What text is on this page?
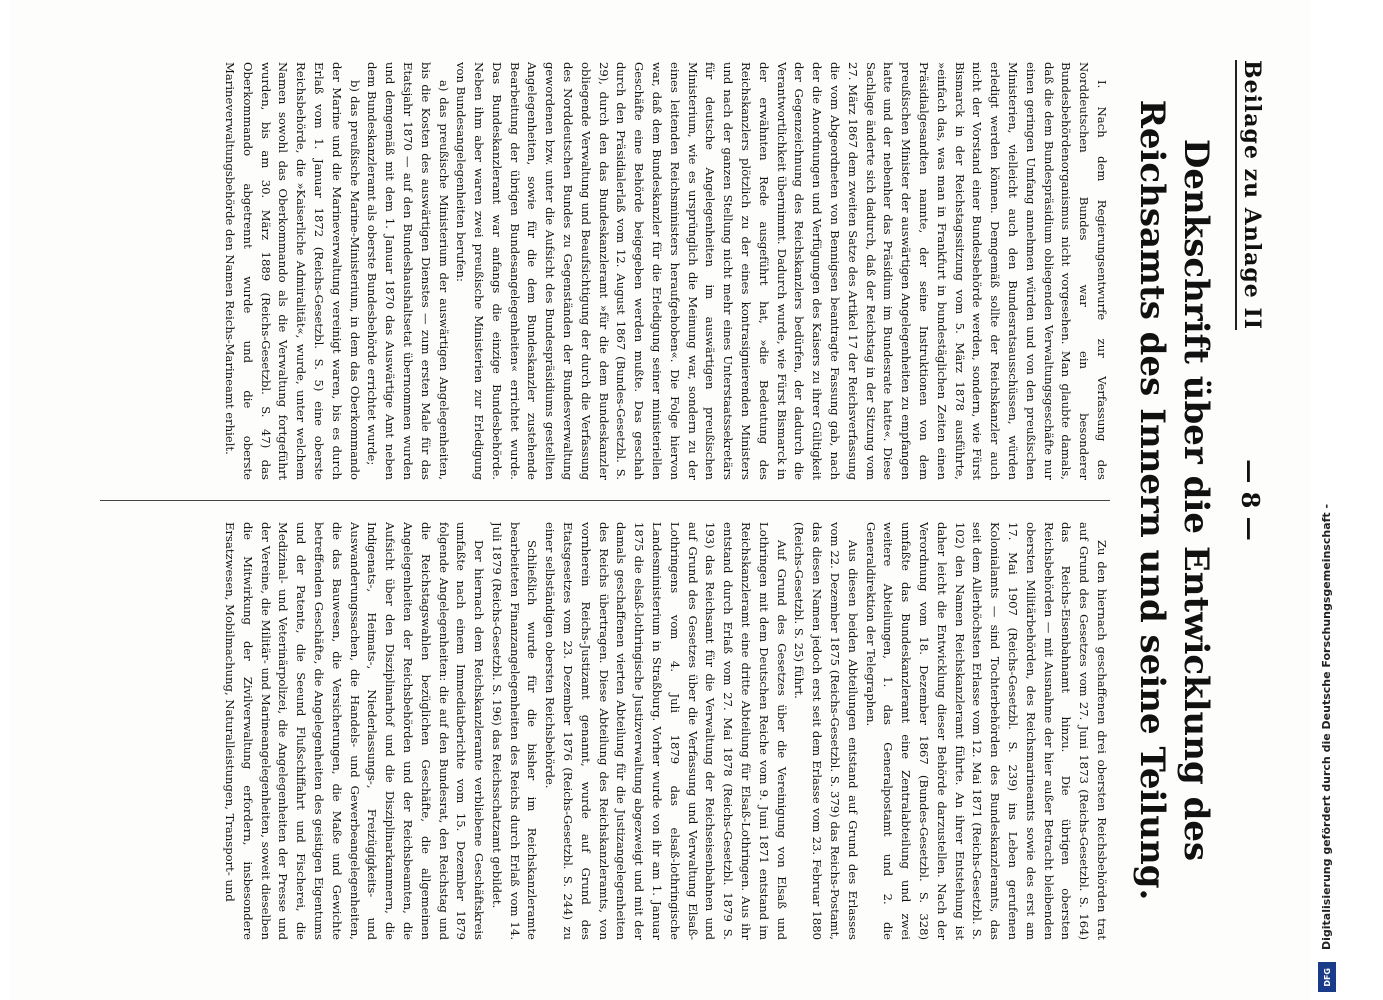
Beilage zu Anlage II
— 8 —
Denkschrift über die Entwicklung des Reichsamts des Innern und seine Teilung.

I. Nach dem Regierungsentwurfe zur Verfassung des Norddeutschen Bundes war ein besonderer Bundesbehördenorganismus nicht vorgesehen. Man glaubte damals, daß die dem Bundespräsidium obliegenden Verwaltungsgeschäfte nur einen geringen Umfang annehmen würden und von den preußischen Ministerien, vielleicht auch den Bundesratsausschüssen, würden erledigt werden können. Demgemäß sollte der Reichskanzler auch nicht der Vorstand einer Bundesbehörde werden, sondern, wie Fürst Bismarck in der Reichstagssitzung vom 5. März 1878 ausführte, »einfach das, was man in Frankfurt in bundestäglichen Zeiten einen Präsidialgesandten nannte, der seine Instruktionen von dem preußischen Minister der auswärtigen Angelegenheiten zu empfangen hatte und der nebenher das Präsidium im Bundesrate hatte«. Diese Sachlage änderte sich dadurch, daß der Reichstag in der Sitzung vom 27. März 1867 dem zweiten Satze des Artikel 17 der Reichsverfassung die vom Abgeordneten von Bennigsen beantragte Fassung gab, nach der die Anordnungen und Verfügungen des Kaisers zu ihrer Gültigkeit der Gegenzeichnung des Reichskanzlers bedürfen, der dadurch die Verantwortlichkeit übernimmt. Dadurch wurde, wie Fürst Bismarck in der erwähnten Rede ausgeführt hat, »die Bedeutung des Reichskanzlers plötzlich zu der eines kontrasignierenden Ministers und nach der ganzen Stellung nicht mehr eines Unterstaatssekretärs für deutsche Angelegenheiten im auswärtigen preußischen Ministerium, wie es ursprünglich die Meinung war, sondern zu der eines leitenden Reichsministers heraufgehoben«. Die Folge hiervon war, daß dem Bundeskanzler für die Erledigung seiner ministeriellen Geschäfte eine Behörde beigegeben werden mußte. Das geschah durch den Präsidialerlaß vom 12. August 1867 (Bundes-Gesetzbl. S. 29), durch den das Bundeskanzleramt »für die dem Bundeskanzler obliegende Verwaltung und Beaufsichtigung der durch die Verfassung des Norddeutschen Bundes zu Gegenständen der Bundesverwaltung gewordenen bzw. unter die Aufsicht des Bundespräsidiums gestellten Angelegenheiten, sowie für die dem Bundeskanzler zustehende Bearbeitung der übrigen Bundesangelegenheiten« errichtet wurde. Das Bundeskanzleramt war anfangs die einzige Bundesbehörde. Neben ihm aber waren zwei preußische Ministerien zur Erledigung von Bundesangelegenheiten berufen:

a) das preußische Ministerium der auswärtigen Angelegenheiten, bis die Kosten des auswärtigen Dienstes — zum ersten Male für das Etatsjahr 1870 — auf den Bundeshaushaltsetat übernommen wurden und demgemäß mit dem 1. Januar 1870 das Auswärtige Amt neben dem Bundeskanzleramt als oberste Bundesbehörde errichtet wurde;

b) das preußische Marine-Ministerium, in dem das Oberkommando der Marine und die Marineverwaltung vereinigt waren, bis es durch Erlaß vom 1. Januar 1872 (Reichs-Gesetzbl. S. 5) eine oberste Reichsbehörde, die »Kaiserliche Admiralität«, wurde, unter welchem Namen sowohl das Oberkommando als die Verwaltung fortgeführt wurden, bis am 30. März 1889 (Reichs-Gesetzbl. S. 47) das Oberkommando abgetrennt wurde und die oberste Marineverwaltungsbehörde den Namen Reichs-Marineamt erhielt.

Zu den hiernach geschaffenen drei obersten Reichsbehörden trat auf Grund des Gesetzes vom 27. Juni 1873 (Reichs-Gesetzbl. S. 164) das Reichs-Eisenbahnamt hinzu. Die übrigen obersten Reichsbehörden — mit Ausnahme der hier außer Betracht bleibenden obersten Militärbehörden, des Reichsmarineamts sowie des erst am 17. Mai 1907 (Reichs-Gesetzbl. S. 239) ins Leben gerufenen Kolonialamts — sind Tochterbehörden des Bundeskanzleramts, das seit dem Allerhöchsten Erlasse vom 12. Mai 1871 (Reichs-Gesetzbl. S. 102) den Namen Reichskanzleramt führte. An ihrer Entstehung ist daher leicht die Entwicklung dieser Behörde darzustellen. Nach der Verordnung vom 18. Dezember 1867 (Bundes-Gesetzbl. S. 328) umfaßte das Bundeskanzleramt eine Zentralabteilung und zwei weitere Abteilungen, 1. das Generalpostamt und 2. die Generaldirektion der Telegraphen.

Aus diesen beiden Abteilungen entstand auf Grund des Erlasses vom 22. Dezember 1875 (Reichs-Gesetzbl. S. 379) das Reichs-Postamt, das diesen Namen jedoch erst seit dem Erlasse vom 23. Februar 1880 (Reichs-Gesetzbl. S. 25) führt.

Auf Grund des Gesetzes über die Vereinigung von Elsaß und Lothringen mit dem Deutschen Reiche vom 9. Juni 1871 entstand im Reichskanzleramt eine dritte Abteilung für Elsaß-Lothringen. Aus ihr entstand durch Erlaß vom 27. Mai 1878 (Reichs-Gesetzbl. 1879 S. 193) das Reichsamt für die Verwaltung der Reichseisenbahnen und auf Grund des Gesetzes über die Verfassung und Verwaltung Elsaß-Lothringens vom 4. Juli 1879 das elsaß-lothringische Landesministerium in Straßburg. Vorher wurde von ihr am 1. Januar 1875 die elsaß-lothringische Justizverwaltung abgezweigt und mit der damals geschaffenen vierten Abteilung für die Justizangelegenheiten des Reichs übertragen. Diese Abteilung des Reichskanzleramts, von vornherein Reichs-Justizamt genannt, wurde auf Grund des Etatsgesetzes vom 23. Dezember 1876 (Reichs-Gesetzbl. S. 244) zu einer selbständigen obersten Reichsbehörde.

Schließlich wurde für die bisher im Reichskanzleramte bearbeiteten Finanzangelegenheiten des Reichs durch Erlaß vom 14. Juli 1879 (Reichs-Gesetzbl. S. 196) das Reichsschatzamt gebildet.

Der hiernach dem Reichskanzleramte verbliebene Geschäftskreis umfaßte nach einem Immediatberichte vom 15. Dezember 1879 folgende Angelegenheiten: die auf den Bundesrat, den Reichstag und die Reichstagswahlen bezüglichen Geschäfte, die allgemeinen Angelegenheiten der Reichsbehörden und der Reichsbeamten, die Aufsicht über den Disziplinarhof und die Disziplinarkammern, die Indigenats-, Heimats-, Niederlassungs-, Freizügigkeits- und Auswanderungssachen, die Handels- und Gewerbeangelegenheiten, die das Bauwesen, die Versicherungen, die Maße und Gewichte betreffenden Geschäfte, die Angelegenheiten des geistigen Eigentums und der Patente, die Seeund Flußschiffahrt und Fischerei, die Medizinal- und Veterinärpolizei, die Angelegenheiten der Presse und der Vereine, die Militär- und Marineangelegenheiten, soweit dieselben die Mitwirkung der Zivilverwaltung erfordern, insbesondere Ersatzwesen, Mobilmachung, Naturalleistungen, Transport- und	Digitalisierung gefördert durch die Deutsche Forschungsgemeinschaft -
DFG
